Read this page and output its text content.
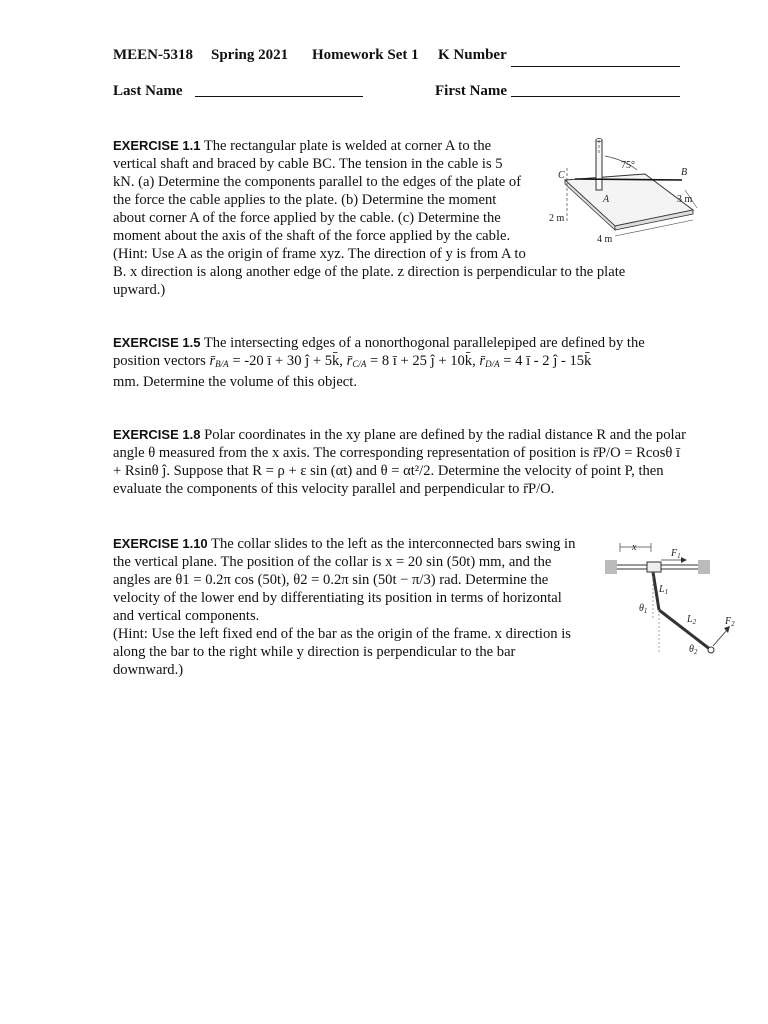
MEEN-5318 Spring 2021 Homework Set 1 K Number
Last Name	First Name

EXERCISE 1.1 The rectangular plate is welded at corner A to the

vertical shaft and braced by cable BC. The tension in the cable is 5

kN. (a) Determine the components parallel to the edges of the plate of

the force the cable applies to the plate. (b) Determine the moment

about corner A of the force applied by the cable. (c) Determine the

moment about the axis of the shaft of the force applied by the cable.

(Hint: Use A as the origin of frame xyz. The direction of y is from A to

B. x direction is along another edge of the plate. z direction is perpendicular to the plate

upward.)

75°
C	B
A	3 m
4 m
2 m

EXERCISE 1.5 The intersecting edges of a nonorthogonal parallelepiped are defined by the

position vectors $r̄_{B/A} = -20$ ī + 30 ĵ + 5k̄, $r̄_{C/A} = 8$ ī + 25 ĵ + 10k̄, $r̄_{D/A} = 4$ ī - 2 ĵ - 15k̄

mm. Determine the volume of this object.

EXERCISE 1.8 Polar coordinates in the xy plane are defined by the radial distance R and the polar

angle θ measured from the x axis. The corresponding representation of position is r̄P/O = Rcosθ ī

+ Rsinθ ĵ. Suppose that R = ρ + ε sin (αt) and θ = αt²/2. Determine the velocity of point P, then

evaluate the components of this velocity parallel and perpendicular to r̄P/O.

EXERCISE 1.10 The collar slides to the left as the interconnected bars swing in

the vertical plane. The position of the collar is x = 20 sin (50t) mm, and the

angles are θ1 = 0.2π cos (50t), θ2 = 0.2π sin (50t − π/3) rad. Determine the

velocity of the lower end by differentiating its position in terms of horizontal

and vertical components.

(Hint: Use the left fixed end of the bar as the origin of the frame. x direction is

along the bar to the right while y direction is perpendicular to the bar

downward.)

x
$F_1$
$L_1$
$\theta_1$
$L_2$
$\theta_2$
$F_2$
